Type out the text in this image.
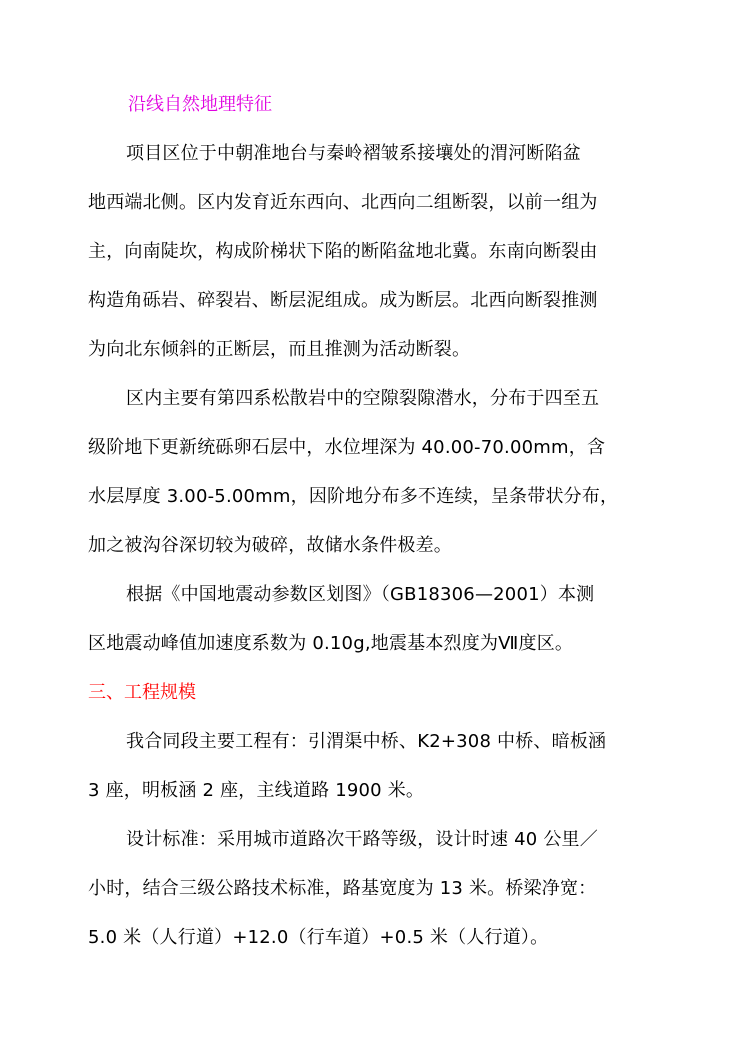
沿线自然地理特征
项目区位于中朝准地台与秦岭褶皱系接壤处的渭河断陷盆
地西端北侧。区内发育近东西向、北西向二组断裂，以前一组为
主，向南陡坎，构成阶梯状下陷的断陷盆地北冀。东南向断裂由
构造角砾岩、碎裂岩、断层泥组成。成为断层。北西向断裂推测
为向北东倾斜的正断层，而且推测为活动断裂。
区内主要有第四系松散岩中的空隙裂隙潜水，分布于四至五
级阶地下更新统砾卵石层中，水位埋深为 40.00-70.00mm，含
水层厚度 3.00-5.00mm，因阶地分布多不连续，呈条带状分布，
加之被沟谷深切较为破碎，故储水条件极差。
根据《中国地震动参数区划图》（GB18306—2001）本测
区地震动峰值加速度系数为 0.10g,地震基本烈度为Ⅶ度区。
三、工程规模
我合同段主要工程有：引渭渠中桥、K2+308 中桥、暗板涵
3 座，明板涵 2 座，主线道路 1900 米。
设计标准：采用城市道路次干路等级，设计时速 40 公里／
小时，结合三级公路技术标准，路基宽度为 13 米。桥梁净宽：
5.0 米（人行道）+12.0（行车道）+0.5 米（人行道）。
